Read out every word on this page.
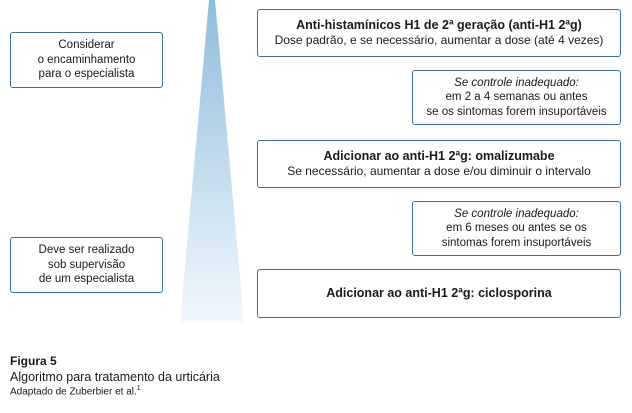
Considerar
o encaminhamento
para o especialista
Deve ser realizado
sob supervisão
de um especialista
Anti-histamínicos H1 de 2ª geração (anti-H1 2ªg)
Dose padrão, e se necessário, aumentar a dose (até 4 vezes)
Se controle inadequado:
em 2 a 4 semanas ou antes
se os sintomas forem insuportáveis
Adicionar ao anti-H1 2ªg: omalizumabe
Se necessário, aumentar a dose e/ou diminuir o intervalo
Se controle inadequado:
em 6 meses ou antes se os
sintomas forem insuportáveis
Adicionar ao anti-H1 2ªg: ciclosporina
Figura 5
Algoritmo para tratamento da urticária
Adaptado de Zuberbier et al.$^1$
